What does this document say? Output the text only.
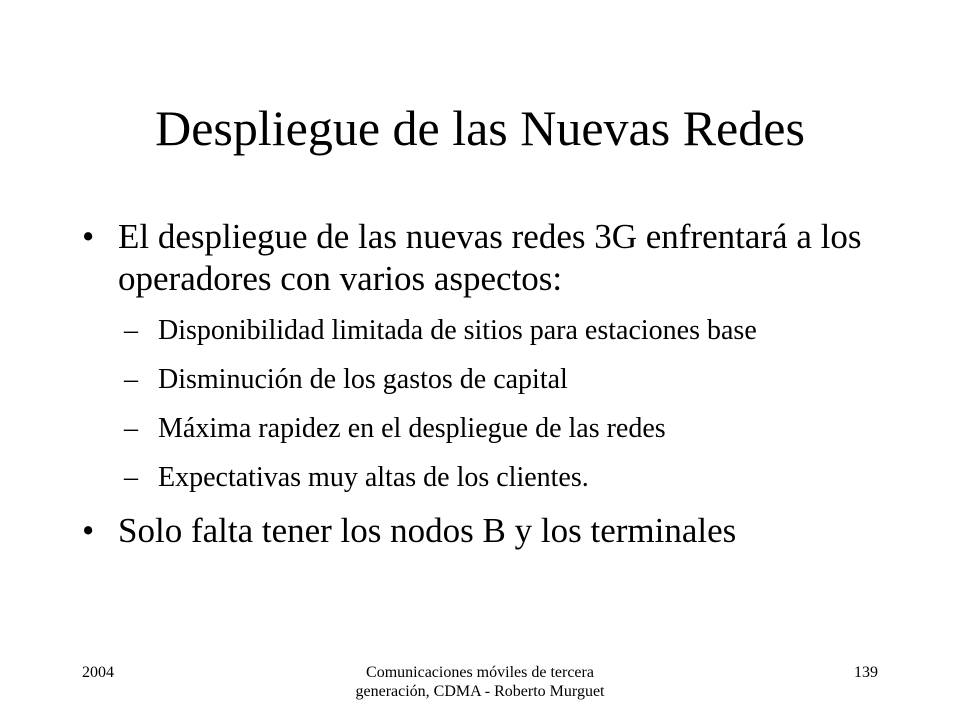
Despliegue de las Nuevas Redes
• El despliegue de las nuevas redes 3G enfrentará a los operadores con varios aspectos:
– Disponibilidad limitada de sitios para estaciones base
– Disminución de los gastos de capital
– Máxima rapidez en el despliegue de las redes
– Expectativas muy altas de los clientes.
• Solo falta tener los nodos B y los terminales
2004	Comunicaciones móviles de tercera generación, CDMA - Roberto Murguet
139
